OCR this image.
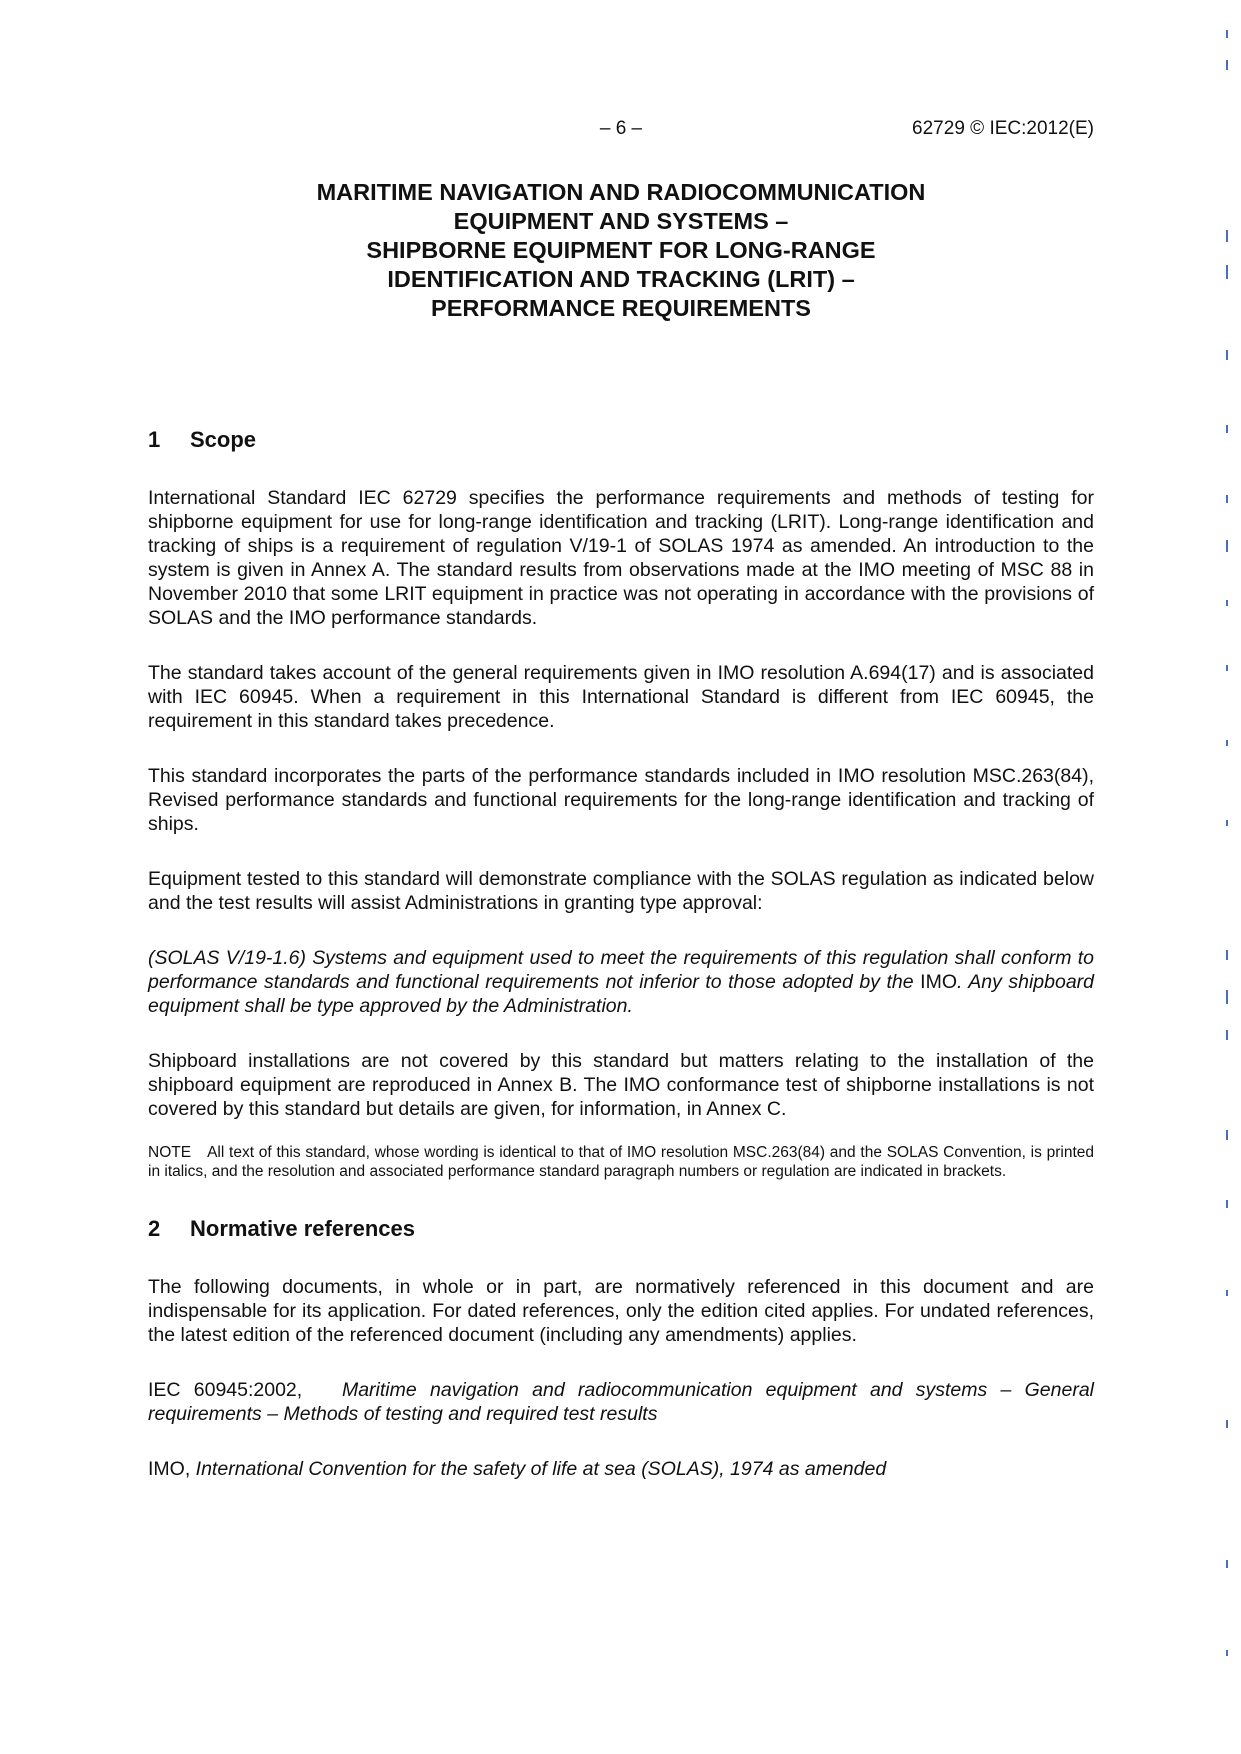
– 6 –	62729 © IEC:2012(E)
MARITIME NAVIGATION AND RADIOCOMMUNICATION
EQUIPMENT AND SYSTEMS –
SHIPBORNE EQUIPMENT FOR LONG-RANGE
IDENTIFICATION AND TRACKING (LRIT) –
PERFORMANCE REQUIREMENTS
1 Scope

International Standard IEC 62729 specifies the performance requirements and methods of testing for shipborne equipment for use for long-range identification and tracking (LRIT). Long-range identification and tracking of ships is a requirement of regulation V/19-1 of SOLAS 1974 as amended. An introduction to the system is given in Annex A. The standard results from observations made at the IMO meeting of MSC 88 in November 2010 that some LRIT equipment in practice was not operating in accordance with the provisions of SOLAS and the IMO performance standards.

The standard takes account of the general requirements given in IMO resolution A.694(17) and is associated with IEC 60945. When a requirement in this International Standard is different from IEC 60945, the requirement in this standard takes precedence.

This standard incorporates the parts of the performance standards included in IMO resolution MSC.263(84), Revised performance standards and functional requirements for the long-range identification and tracking of ships.

Equipment tested to this standard will demonstrate compliance with the SOLAS regulation as indicated below and the test results will assist Administrations in granting type approval:

(SOLAS V/19-1.6) Systems and equipment used to meet the requirements of this regulation shall conform to performance standards and functional requirements not inferior to those adopted by the IMO. Any shipboard equipment shall be type approved by the Administration.

Shipboard installations are not covered by this standard but matters relating to the installation of the shipboard equipment are reproduced in Annex B. The IMO conformance test of shipborne installations is not covered by this standard but details are given, for information, in Annex C.

NOTE All text of this standard, whose wording is identical to that of IMO resolution MSC.263(84) and the SOLAS Convention, is printed in italics, and the resolution and associated performance standard paragraph numbers or regulation are indicated in brackets.

2 Normative references

The following documents, in whole or in part, are normatively referenced in this document and are indispensable for its application. For dated references, only the edition cited applies. For undated references, the latest edition of the referenced document (including any amendments) applies.

IEC 60945:2002, Maritime navigation and radiocommunication equipment and systems – General requirements – Methods of testing and required test results

IMO, International Convention for the safety of life at sea (SOLAS), 1974 as amended
